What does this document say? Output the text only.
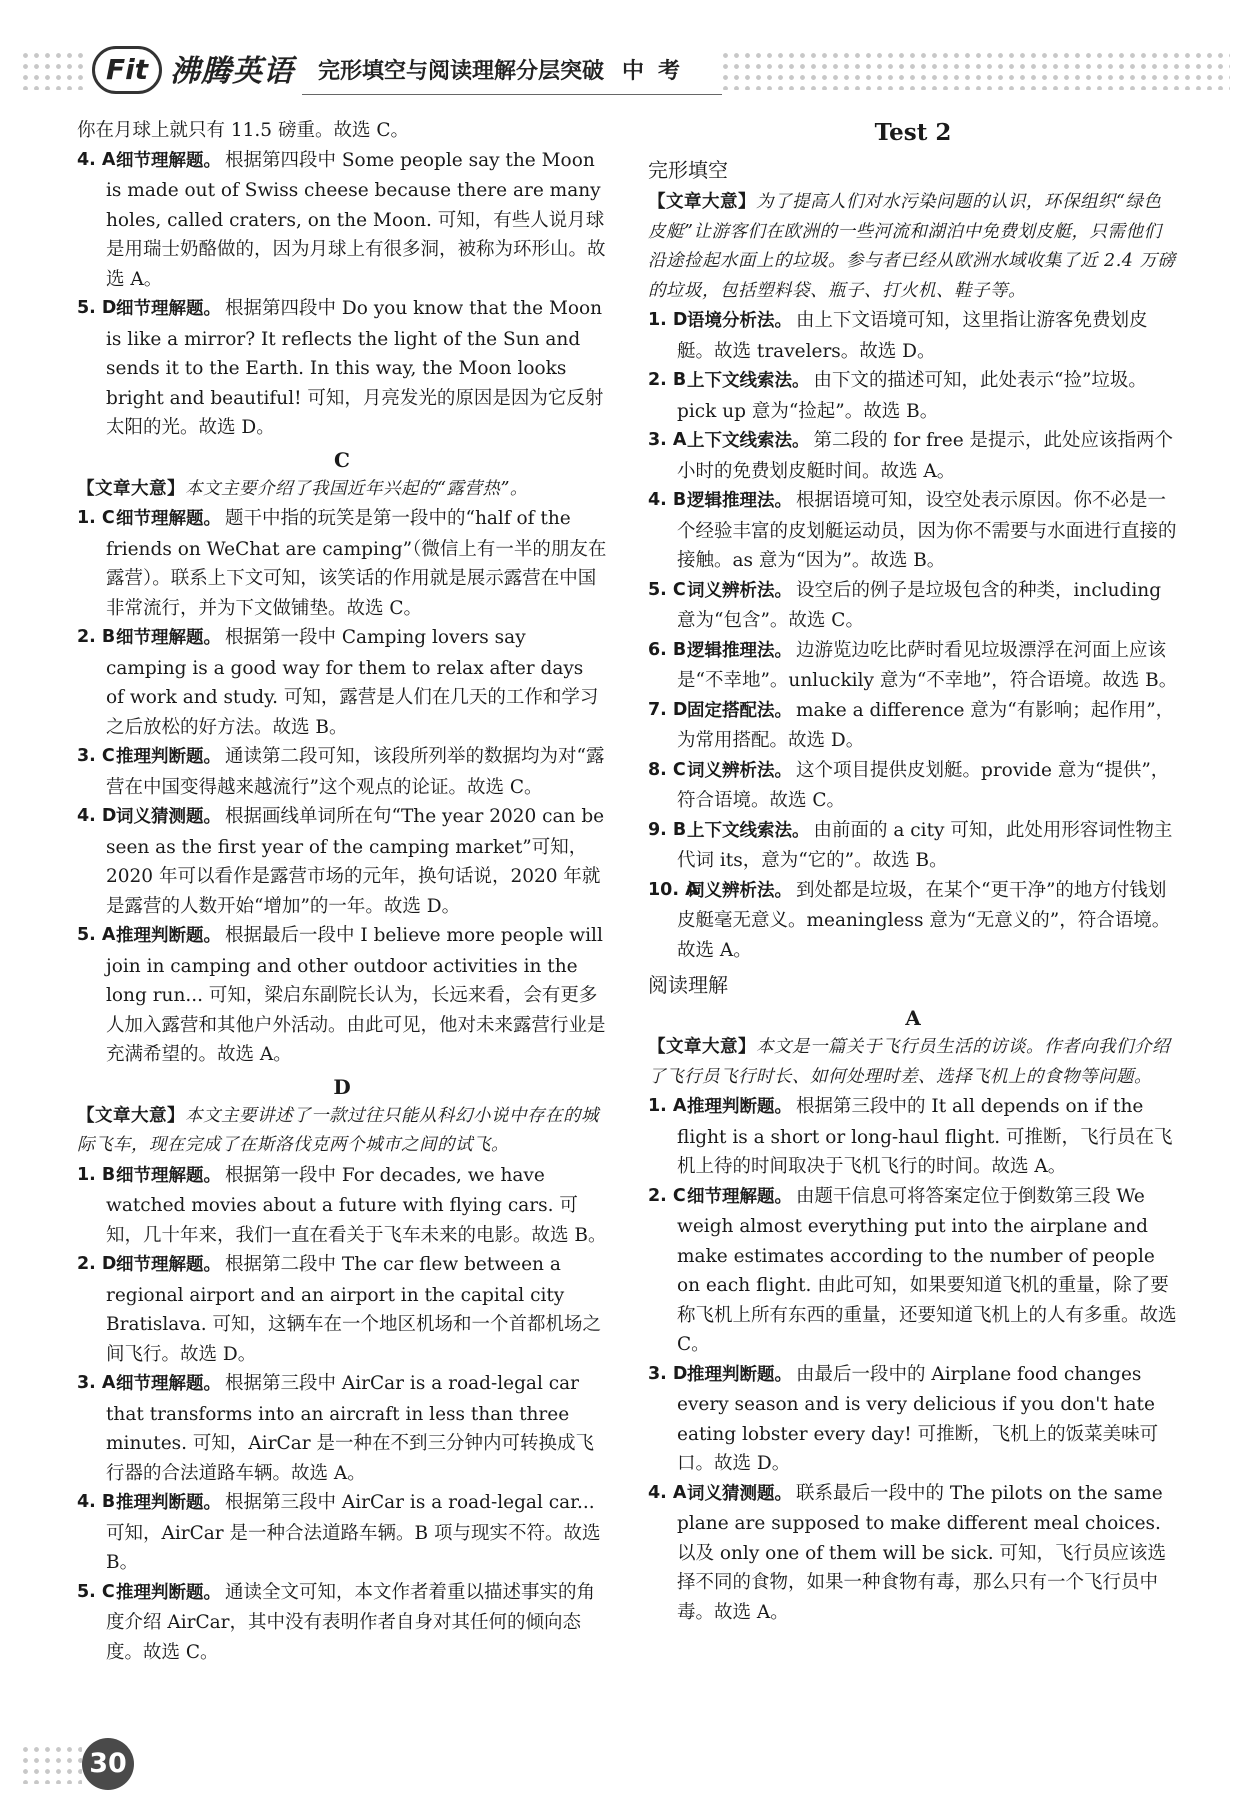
Fit 沸腾英语 完形填空与阅读理解分层突破 中考

你在月球上就只有 11.5 磅重。故选 C。

4. A 细节理解题。 根据第四段中 Some people say the Moon is made out of Swiss cheese because there are many holes, called craters, on the Moon. 可知，有些人说月球是用瑞士奶酪做的，因为月球上有很多洞，被称为环形山。故选 A。

5. D 细节理解题。 根据第四段中 Do you know that the Moon is like a mirror? It reflects the light of the Sun and sends it to the Earth. In this way, the Moon looks bright and beautiful! 可知，月亮发光的原因是因为它反射太阳的光。故选 D。

C

【文章大意】本文主要介绍了我国近年兴起的“露营热”。

1. C 细节理解题。 题干中指的玩笑是第一段中的“half of the friends on WeChat are camping”（微信上有一半的朋友在露营）。联系上下文可知，该笑话的作用就是展示露营在中国非常流行，并为下文做铺垫。故选 C。

2. B 细节理解题。 根据第一段中 Camping lovers say camping is a good way for them to relax after days of work and study. 可知，露营是人们在几天的工作和学习之后放松的好方法。故选 B。

3. C 推理判断题。 通读第二段可知，该段所列举的数据均为对“露营在中国变得越来越流行”这个观点的论证。故选 C。

4. D 词义猜测题。 根据画线单词所在句“The year 2020 can be seen as the first year of the camping market”可知，2020 年可以看作是露营市场的元年，换句话说，2020 年就是露营的人数开始“增加”的一年。故选 D。

5. A 推理判断题。 根据最后一段中 I believe more people will join in camping and other outdoor activities in the long run... 可知，梁启东副院长认为，长远来看，会有更多人加入露营和其他户外活动。由此可见，他对未来露营行业是充满希望的。故选 A。

D

【文章大意】本文主要讲述了一款过往只能从科幻小说中存在的城际飞车，现在完成了在斯洛伐克两个城市之间的试飞。

1. B 细节理解题。 根据第一段中 For decades, we have watched movies about a future with flying cars. 可知，几十年来，我们一直在看关于飞车未来的电影。故选 B。

2. D 细节理解题。 根据第二段中 The car flew between a regional airport and an airport in the capital city Bratislava. 可知，这辆车在一个地区机场和一个首都机场之间飞行。故选 D。

3. A 细节理解题。 根据第三段中 AirCar is a road-legal car that transforms into an aircraft in less than three minutes. 可知，AirCar 是一种在不到三分钟内可转换成飞行器的合法道路车辆。故选 A。

4. B 推理判断题。 根据第三段中 AirCar is a road-legal car... 可知，AirCar 是一种合法道路车辆。B 项与现实不符。故选 B。

5. C 推理判断题。 通读全文可知，本文作者着重以描述事实的角度介绍 AirCar，其中没有表明作者自身对其任何的倾向态度。故选 C。

Test 2

完形填空

【文章大意】为了提高人们对水污染问题的认识，环保组织“绿色皮艇”让游客们在欧洲的一些河流和湖泊中免费划皮艇，只需他们沿途捡起水面上的垃圾。参与者已经从欧洲水域收集了近 2.4 万磅的垃圾，包括塑料袋、瓶子、打火机、鞋子等。

1. D 语境分析法。 由上下文语境可知，这里指让游客免费划皮艇。故选 travelers。故选 D。

2. B 上下文线索法。 由下文的描述可知，此处表示“捡”垃圾。pick up 意为“捡起”。故选 B。

3. A 上下文线索法。 第二段的 for free 是提示，此处应该指两个小时的免费划皮艇时间。故选 A。

4. B 逻辑推理法。 根据语境可知，设空处表示原因。你不必是一个经验丰富的皮划艇运动员，因为你不需要与水面进行直接的接触。as 意为“因为”。故选 B。

5. C 词义辨析法。 设空后的例子是垃圾包含的种类，including 意为“包含”。故选 C。

6. B 逻辑推理法。 边游览边吃比萨时看见垃圾漂浮在河面上应该是“不幸地”。unluckily 意为“不幸地”，符合语境。故选 B。

7. D 固定搭配法。 make a difference 意为“有影响；起作用”，为常用搭配。故选 D。

8. C 词义辨析法。 这个项目提供皮划艇。provide 意为“提供”，符合语境。故选 C。

9. B 上下文线索法。 由前面的 a city 可知，此处用形容词性物主代词 its，意为“它的”。故选 B。

10. A
词义辨析法。 到处都是垃圾，在某个“更干净”的地方付钱划皮艇毫无意义。meaningless 意为“无意义的”，符合语境。故选 A。

阅读理解

A

【文章大意】本文是一篇关于飞行员生活的访谈。作者向我们介绍了飞行员飞行时长、如何处理时差、选择飞机上的食物等问题。

1. A 推理判断题。 根据第三段中的 It all depends on if the flight is a short or long-haul flight. 可推断，飞行员在飞机上待的时间取决于飞机飞行的时间。故选 A。

2. C 细节理解题。 由题干信息可将答案定位于倒数第三段 We weigh almost everything put into the airplane and make estimates according to the number of people on each flight. 由此可知，如果要知道飞机的重量，除了要称飞机上所有东西的重量，还要知道飞机上的人有多重。故选 C。

3. D 推理判断题。 由最后一段中的 Airplane food changes every season and is very delicious if you don't hate eating lobster every day! 可推断，飞机上的饭菜美味可口。故选 D。

4. A 词义猜测题。 联系最后一段中的 The pilots on the same plane are supposed to make different meal choices. 以及 only one of them will be sick. 可知，飞行员应该选择不同的食物，如果一种食物有毒，那么只有一个飞行员中毒。故选 A。

30
